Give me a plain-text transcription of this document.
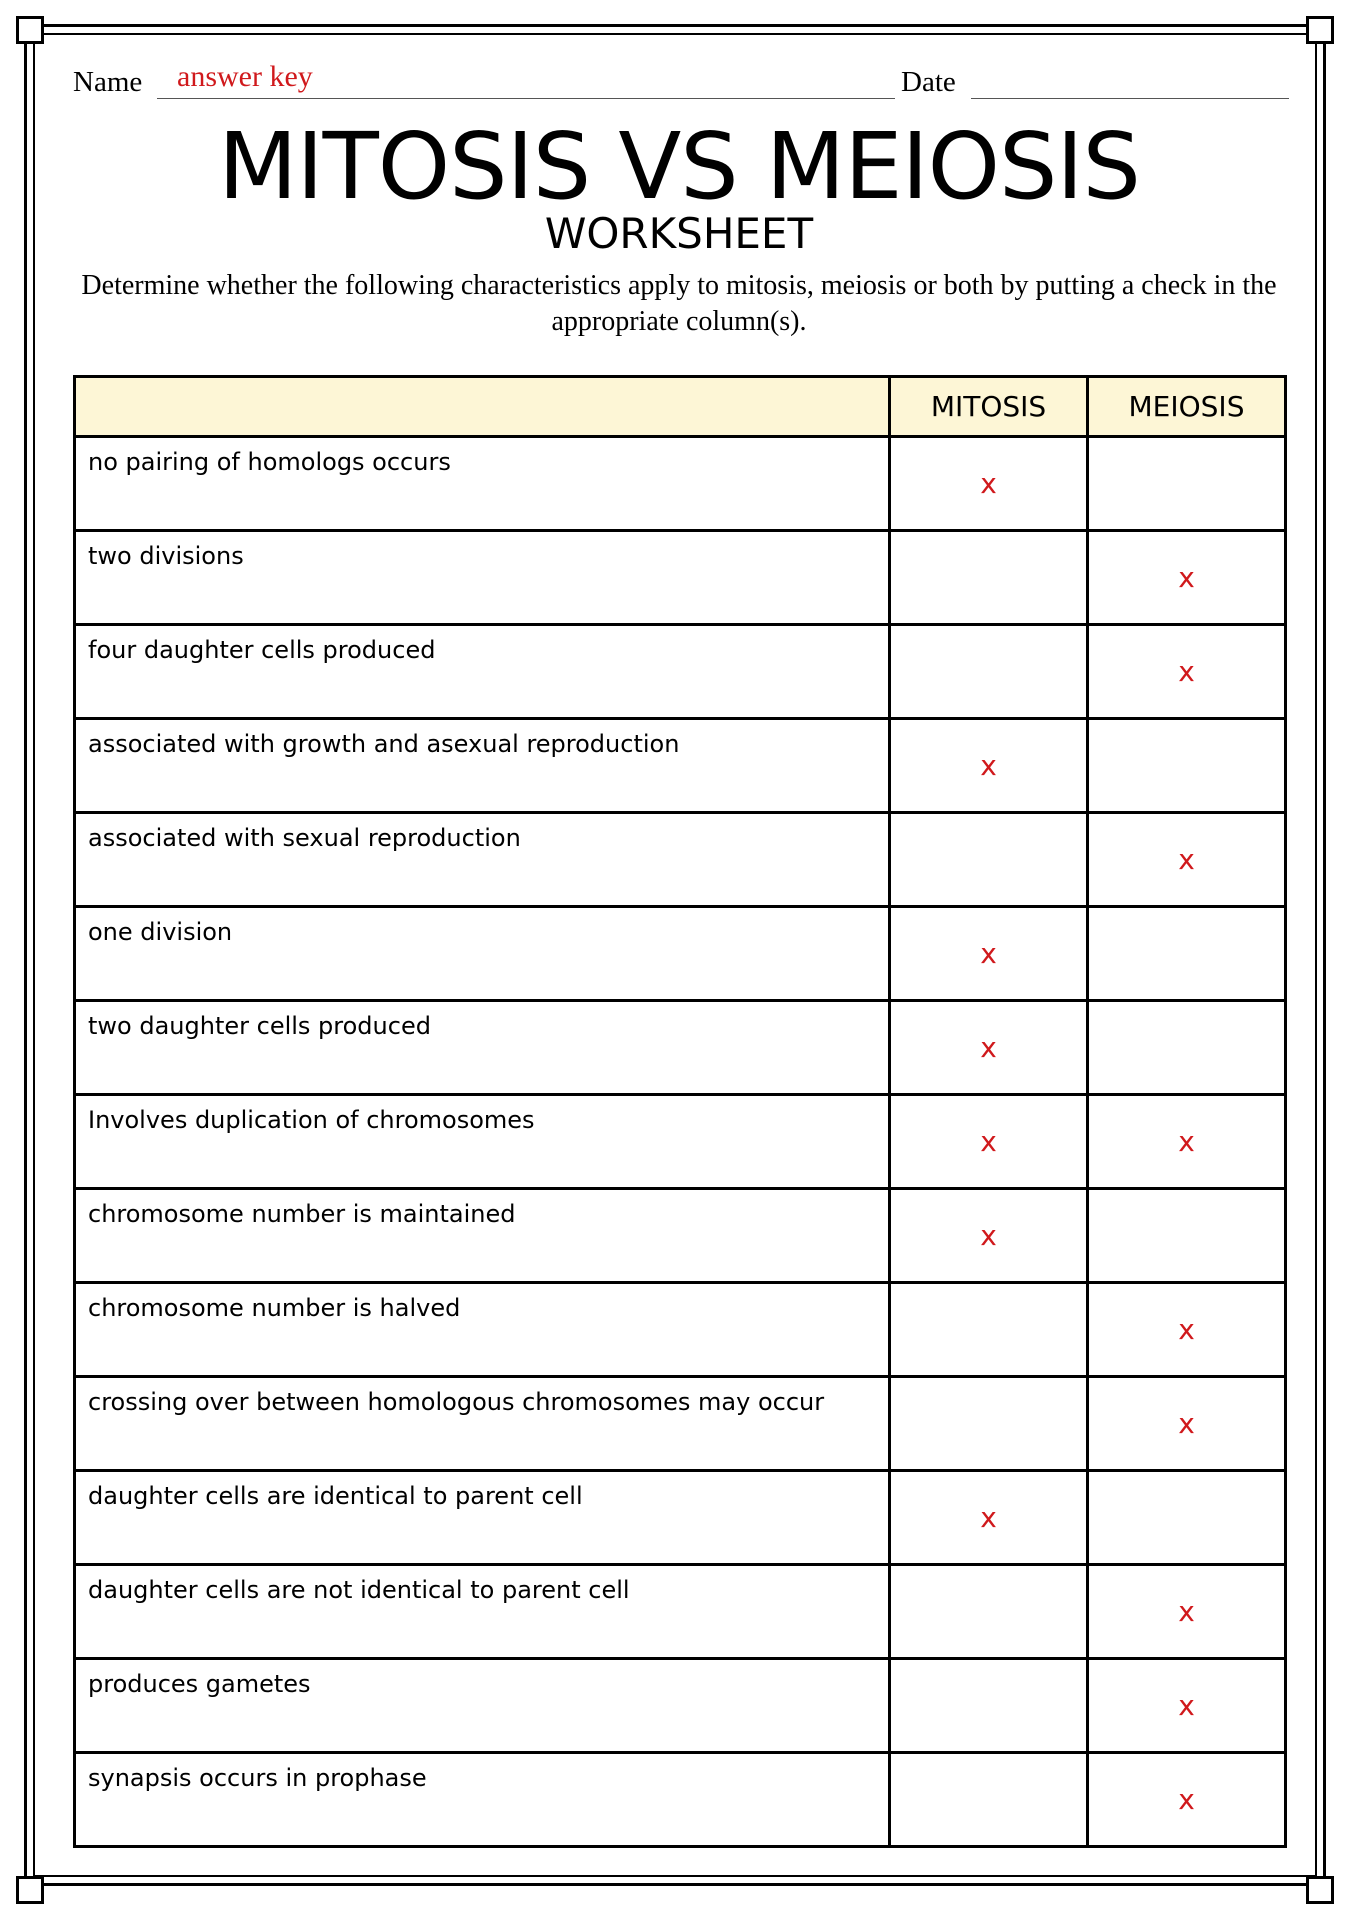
Name answer key	Date
MITOSIS VS MEIOSIS
WORKSHEET
Determine whether the following characteristics apply to mitosis, meiosis or both by putting a check in the appropriate column(s).
	MITOSIS	MEIOSIS
no pairing of homologs occurs	x	
two divisions		x
four daughter cells produced		x
associated with growth and asexual reproduction	x	
associated with sexual reproduction		x
one division	x	
two daughter cells produced	x	
Involves duplication of chromosomes	x	x
chromosome number is maintained	x	
chromosome number is halved		x
crossing over between homologous chromosomes may occur		x
daughter cells are identical to parent cell	x	
daughter cells are not identical to parent cell		x
produces gametes		x
synapsis occurs in prophase		x
